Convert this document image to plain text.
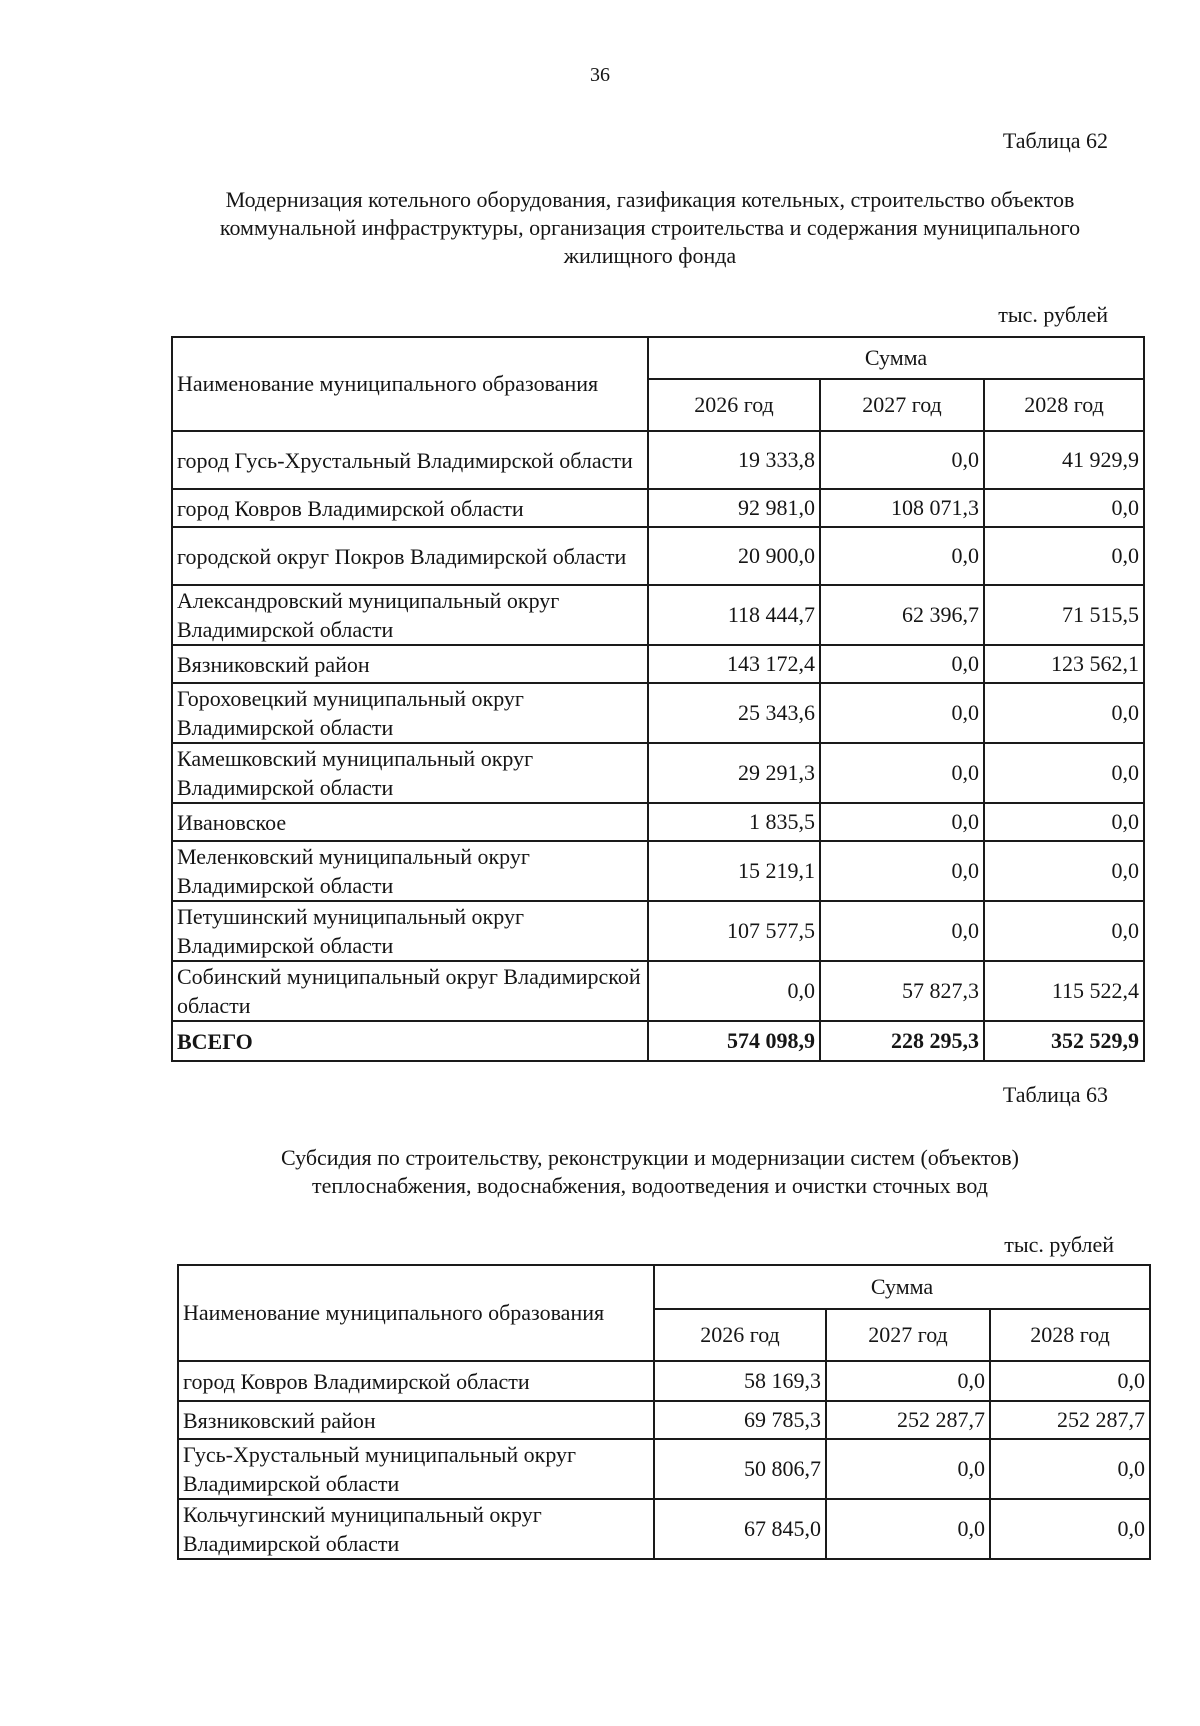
36
Таблица 62
Модернизация котельного оборудования, газификация котельных, строительство объектов
коммунальной инфраструктуры, организация строительства и содержания муниципального
жилищного фонда
тыс. рублей
Наименование муниципального образования	Сумма		
	2026 год	2027 год	2028 год
город Гусь-Хрустальный Владимирской области	19 333,8	0,0	41 929,9
город Ковров Владимирской области	92 981,0	108 071,3	0,0
городской округ Покров Владимирской области	20 900,0	0,0	0,0
Александровский муниципальный округ Владимирской области	118 444,7	62 396,7	71 515,5
Вязниковский район	143 172,4	0,0	123 562,1
Гороховецкий муниципальный округ Владимирской области	25 343,6	0,0	0,0
Камешковский муниципальный округ Владимирской области	29 291,3	0,0	0,0
Ивановское	1 835,5	0,0	0,0
Меленковский муниципальный округ Владимирской области	15 219,1	0,0	0,0
Петушинский муниципальный округ Владимирской области	107 577,5	0,0	0,0
Собинский муниципальный округ Владимирской области	0,0	57 827,3	115 522,4
ВСЕГО	574 098,9	228 295,3	352 529,9
Таблица 63
Субсидия по строительству, реконструкции и модернизации систем (объектов)
теплоснабжения, водоснабжения, водоотведения и очистки сточных вод
тыс. рублей
Наименование муниципального образования	Сумма		
	2026 год	2027 год	2028 год
город Ковров Владимирской области	58 169,3	0,0	0,0
Вязниковский район	69 785,3	252 287,7	252 287,7
Гусь-Хрустальный муниципальный округ Владимирской области	50 806,7	0,0	0,0
Кольчугинский муниципальный округ Владимирской области	67 845,0	0,0	0,0
